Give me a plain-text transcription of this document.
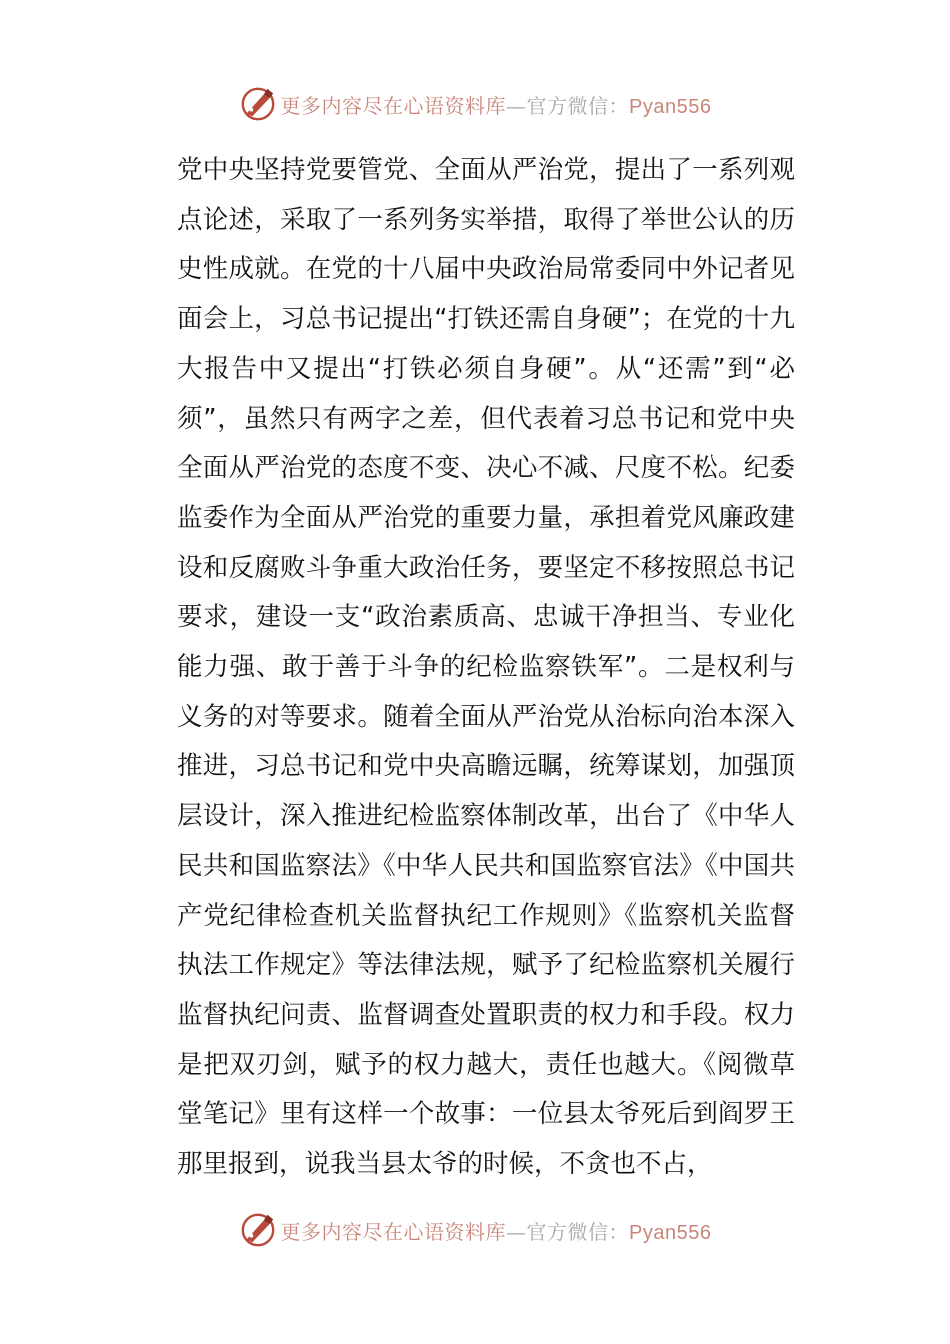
更多内容尽在心语资料库—官方微信：Pyan556

党中央坚持党要管党、全面从严治党，提出了一系列观点论述，采取了一系列务实举措，取得了举世公认的历史性成就。在党的十八届中央政治局常委同中外记者见面会上，习总书记提出“打铁还需自身硬”；在党的十九大报告中又提出“打铁必须自身硬”。从“还需”到“必须”，虽然只有两字之差，但代表着习总书记和党中央全面从严治党的态度不变、决心不减、尺度不松。纪委监委作为全面从严治党的重要力量，承担着党风廉政建设和反腐败斗争重大政治任务，要坚定不移按照总书记要求，建设一支“政治素质高、忠诚干净担当、专业化能力强、敢于善于斗争的纪检监察铁军”。二是权利与义务的对等要求。随着全面从严治党从治标向治本深入推进，习总书记和党中央高瞻远瞩，统筹谋划，加强顶层设计，深入推进纪检监察体制改革，出台了《中华人民共和国监察法》《中华人民共和国监察官法》《中国共产党纪律检查机关监督执纪工作规则》《监察机关监督执法工作规定》等法律法规，赋予了纪检监察机关履行监督执纪问责、监督调查处置职责的权力和手段。权力是把双刃剑，赋予的权力越大，责任也越大。《阅微草堂笔记》里有这样一个故事：一位县太爷死后到阎罗王那里报到，说我当县太爷的时候，不贪也不占，

更多内容尽在心语资料库—官方微信：Pyan556
